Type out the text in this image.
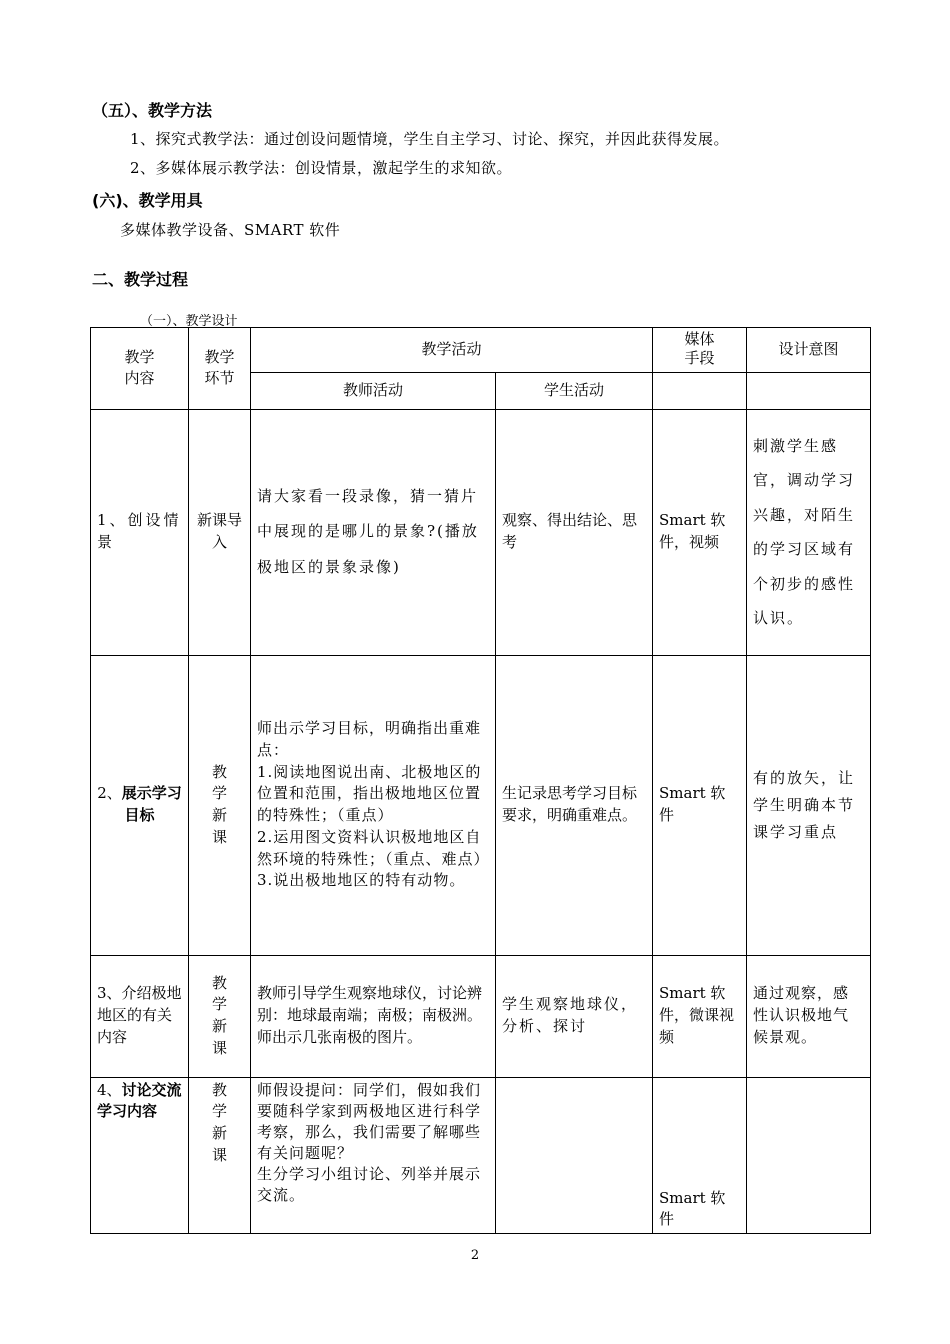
（五）、教学方法
1、探究式教学法：通过创设问题情境，学生自主学习、讨论、探究，并因此获得发展。
2、多媒体展示教学法：创设情景，激起学生的求知欲。
(六)、教学用具
多媒体教学设备、SMART 软件
二、教学过程
（一）、教学设计
教学内容	教学环节	教学活动		媒体手段	设计意图
		教师活动	学生活动		
1、创设情景	新课导入	请大家看一段录像，猜一猜片中展现的是哪儿的景象?(播放极地区的景象录像)	观察、得出结论、思考	Smart 软件，视频	刺激学生感官，调动学习兴趣，对陌生的学习区域有个初步的感性认识。
2、展示学习目标	教学新课	师出示学习目标，明确指出重难点：
1.阅读地图说出南、北极地区的位置和范围，指出极地地区位置的特殊性；（重点）
2.运用图文资料认识极地地区自然环境的特殊性；（重点、难点）
3.说出极地地区的特有动物。	生记录思考学习目标要求，明确重难点。	Smart 软件	有的放矢，让学生明确本节课学习重点
3、介绍极地地区的有关内容	教学新课	教师引导学生观察地球仪，讨论辨别：地球最南端；南极；南极洲。师出示几张南极的图片。	学生观察地球仪，分析、探讨	Smart 软件，微课视频	通过观察，感性认识极地气候景观。
4、讨论交流学习内容	教学新课	师假设提问：同学们，假如我们要随科学家到两极地区进行科学考察，那么，我们需要了解哪些有关问题呢？
生分学习小组讨论、列举并展示交流。		Smart 软件	

2
